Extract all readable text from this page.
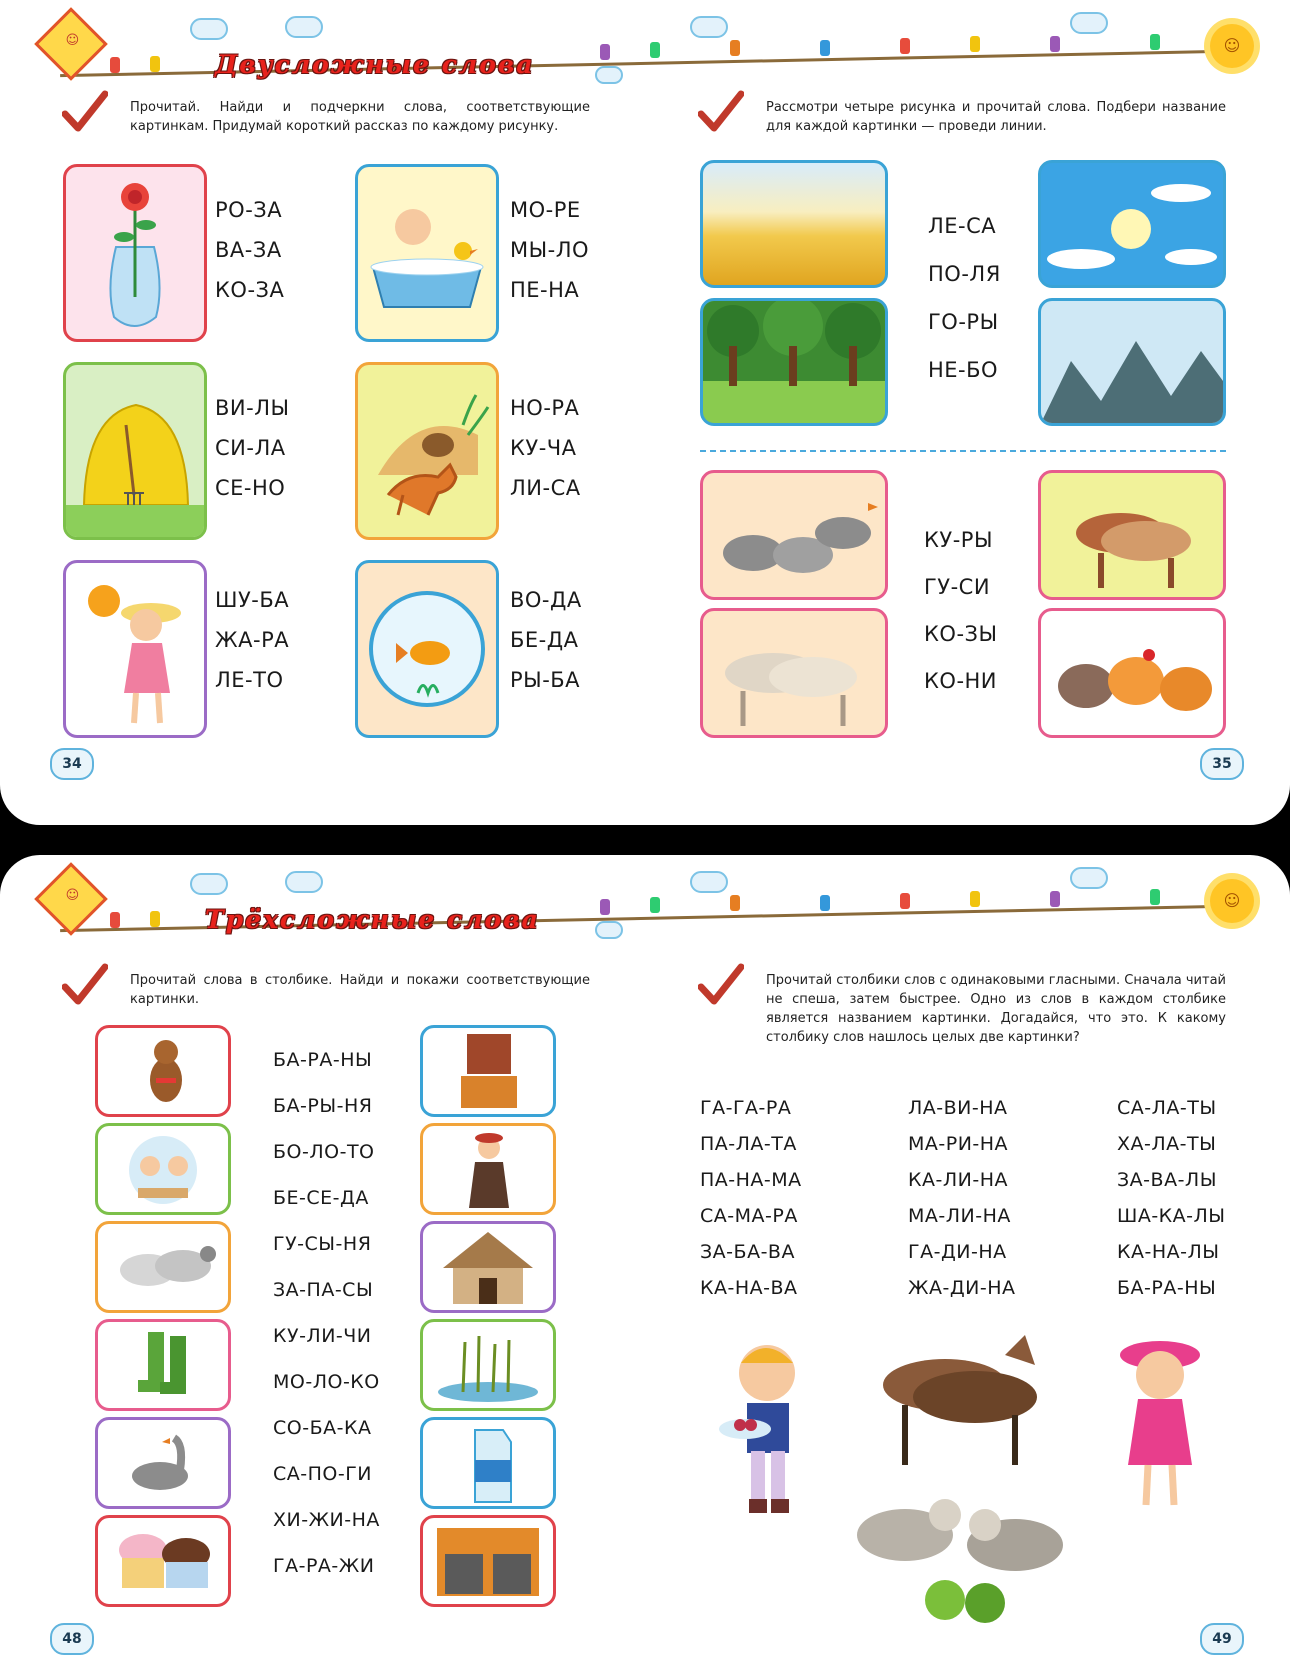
☺	☺
Двусложные слова
Прочитай. Найди и подчеркни слова, соответствующие картинкам. Придумай короткий рассказ по каждому рисунку.
РО-ЗА
ВА-ЗА
КО-ЗА
МО-РЕ
МЫ-ЛО
ПЕ-НА
ВИ-ЛЫ
СИ-ЛА
СЕ-НО
НО-РА
КУ-ЧА
ЛИ-СА
ШУ-БА
ЖА-РА
ЛЕ-ТО
ВО-ДА
БЕ-ДА
РЫ-БА
34
Рассмотри четыре рисунка и прочитай слова. Подбери название для каждой картинки — проведи линии.
ЛЕ-СА
ПО-ЛЯ
ГО-РЫ
НЕ-БО
КУ-РЫ
ГУ-СИ
КО-ЗЫ
КО-НИ
35
☺	☺
Трёхсложные слова
Прочитай слова в столбике. Найди и покажи соответствующие картинки.
БА-РА-НЫ
БА-РЫ-НЯ
БО-ЛО-ТО
БЕ-СЕ-ДА
ГУ-СЫ-НЯ
ЗА-ПА-СЫ
КУ-ЛИ-ЧИ
МО-ЛО-КО
СО-БА-КА
СА-ПО-ГИ
ХИ-ЖИ-НА
ГА-РА-ЖИ
48
Прочитай столбики слов с одинаковыми гласными. Сначала читай не спеша, затем быстрее. Одно из слов в каждом столбике является названием картинки. Догадайся, что это. К какому столбику слов нашлось целых две картинки?
ГА-ГА-РА
ПА-ЛА-ТА
ПА-НА-МА
СА-МА-РА
ЗА-БА-ВА
КА-НА-ВА
ЛА-ВИ-НА
МА-РИ-НА
КА-ЛИ-НА
МА-ЛИ-НА
ГА-ДИ-НА
ЖА-ДИ-НА
СА-ЛА-ТЫ
ХА-ЛА-ТЫ
ЗА-ВА-ЛЫ
ША-КА-ЛЫ
КА-НА-ЛЫ
БА-РА-НЫ
49
